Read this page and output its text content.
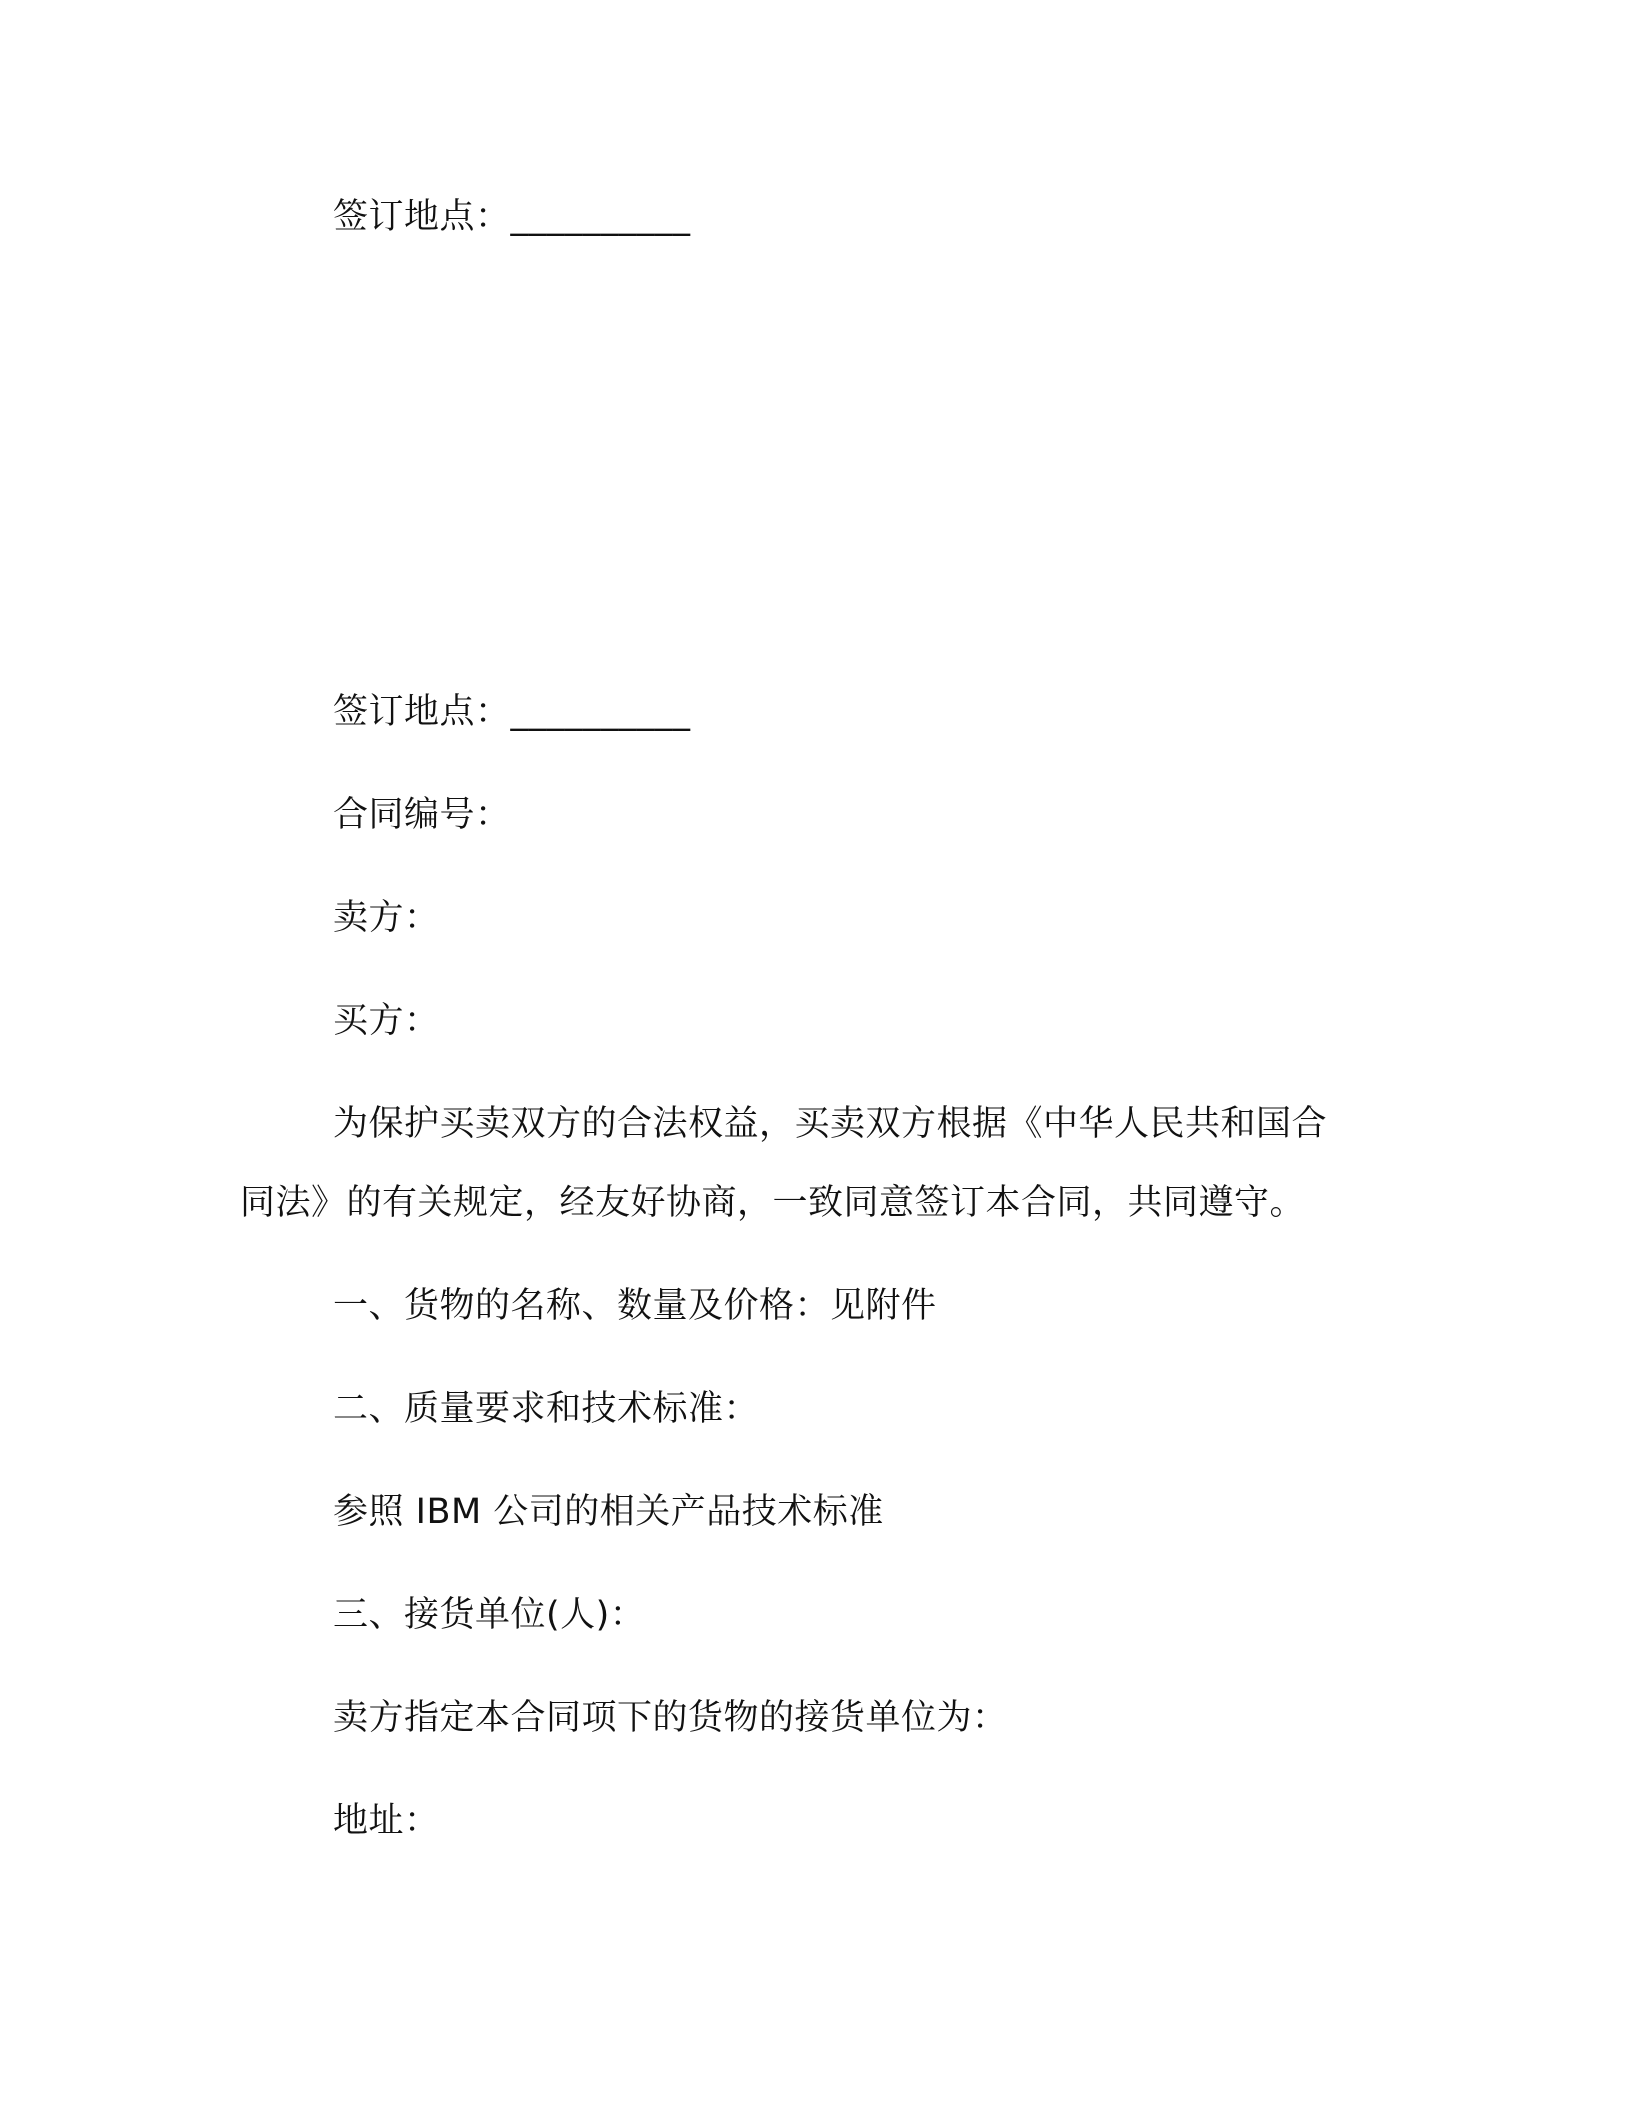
签订地点：__________
签订地点：__________
合同编号：
卖方：
买方：
为保护买卖双方的合法权益，买卖双方根据《中华人民共和国合
同法》的有关规定，经友好协商，一致同意签订本合同，共同遵守。
一、货物的名称、数量及价格：见附件
二、质量要求和技术标准：
参照 IBM 公司的相关产品技术标准
三、接货单位(人)：
卖方指定本合同项下的货物的接货单位为：
地址：
